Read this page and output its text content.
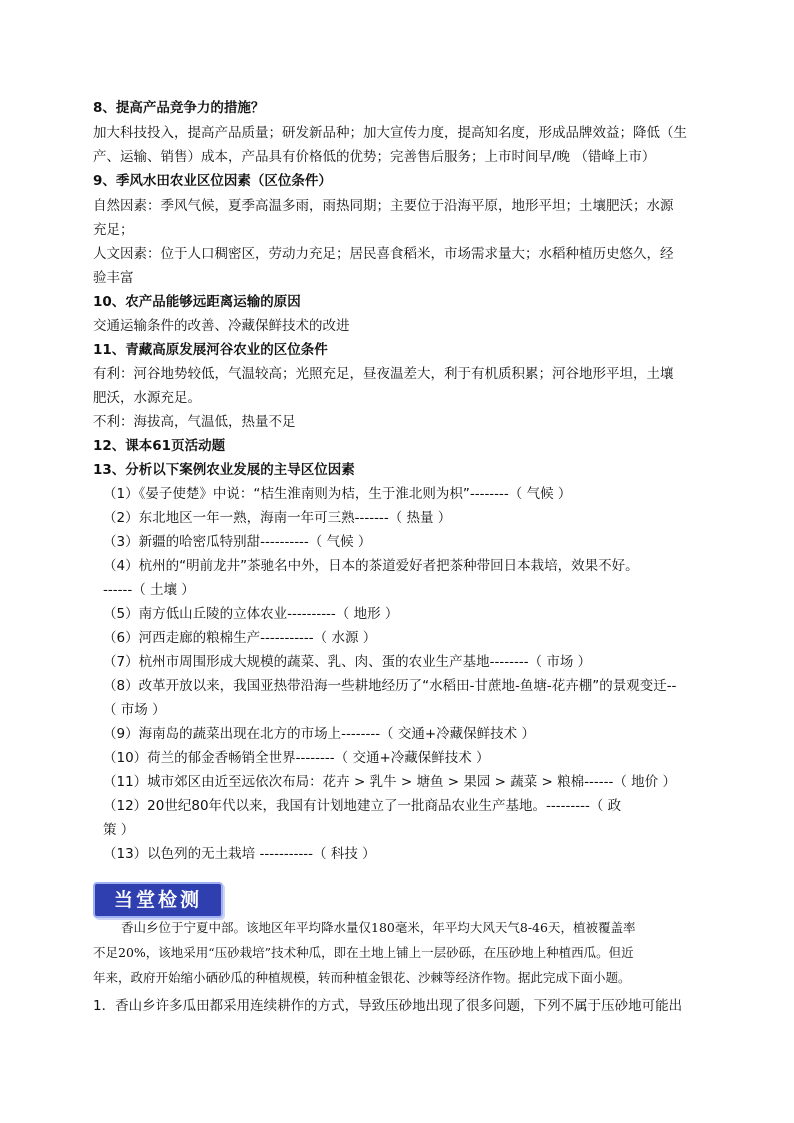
8、提高产品竞争力的措施？
加大科技投入，提高产品质量；研发新品种；加大宣传力度，提高知名度，形成品牌效益；降低（生
产、运输、销售）成本，产品具有价格低的优势；完善售后服务；上市时间早/晚 （错峰上市）
9、季风水田农业区位因素（区位条件）
自然因素：季风气候，夏季高温多雨，雨热同期；主要位于沿海平原，地形平坦；土壤肥沃；水源
充足；
人文因素：位于人口稠密区，劳动力充足；居民喜食稻米，市场需求量大；水稻种植历史悠久，经
验丰富
10、农产品能够远距离运输的原因
交通运输条件的改善、冷藏保鲜技术的改进
11、青藏高原发展河谷农业的区位条件
有利：河谷地势较低，气温较高；光照充足，昼夜温差大，利于有机质积累；河谷地形平坦，土壤
肥沃，水源充足。
不利：海拔高，气温低，热量不足
12、课本61页活动题
13、分析以下案例农业发展的主导区位因素
（1）《晏子使楚》中说：“桔生淮南则为桔，生于淮北则为枳”--------（ 气候 ）
（2）东北地区一年一熟，海南一年可三熟-------（ 热量 ）
（3）新疆的哈密瓜特别甜----------（ 气候 ）
（4）杭州的“明前龙井”茶驰名中外，日本的茶道爱好者把茶种带回日本栽培，效果不好。
------（ 土壤 ）
（5）南方低山丘陵的立体农业----------（ 地形 ）
（6）河西走廊的粮棉生产-----------（ 水源 ）
（7）杭州市周围形成大规模的蔬菜、乳、肉、蛋的农业生产基地--------（ 市场 ）
（8）改革开放以来，我国亚热带沿海一些耕地经历了“水稻田-甘蔗地-鱼塘-花卉棚”的景观变迁--
（ 市场 ）
（9）海南岛的蔬菜出现在北方的市场上--------（ 交通+冷藏保鲜技术 ）
（10）荷兰的郁金香畅销全世界--------（ 交通+冷藏保鲜技术 ）
（11）城市郊区由近至远依次布局：花卉 > 乳牛 > 塘鱼 > 果园 > 蔬菜 > 粮棉------（ 地价 ）
（12）20世纪80年代以来，我国有计划地建立了一批商品农业生产基地。---------（ 政
策 ）
（13）以色列的无土栽培 -----------（ 科技 ）
当堂检测
香山乡位于宁夏中部。该地区年平均降水量仅180毫米，年平均大风天气8-46天，植被覆盖率
不足20%，该地采用“压砂栽培”技术种瓜，即在土地上铺上一层砂砾，在压砂地上种植西瓜。但近
年来，政府开始缩小硒砂瓜的种植规模，转而种植金银花、沙棘等经济作物。据此完成下面小题。
1．香山乡许多瓜田都采用连续耕作的方式，导致压砂地出现了很多问题，下列不属于压砂地可能出
